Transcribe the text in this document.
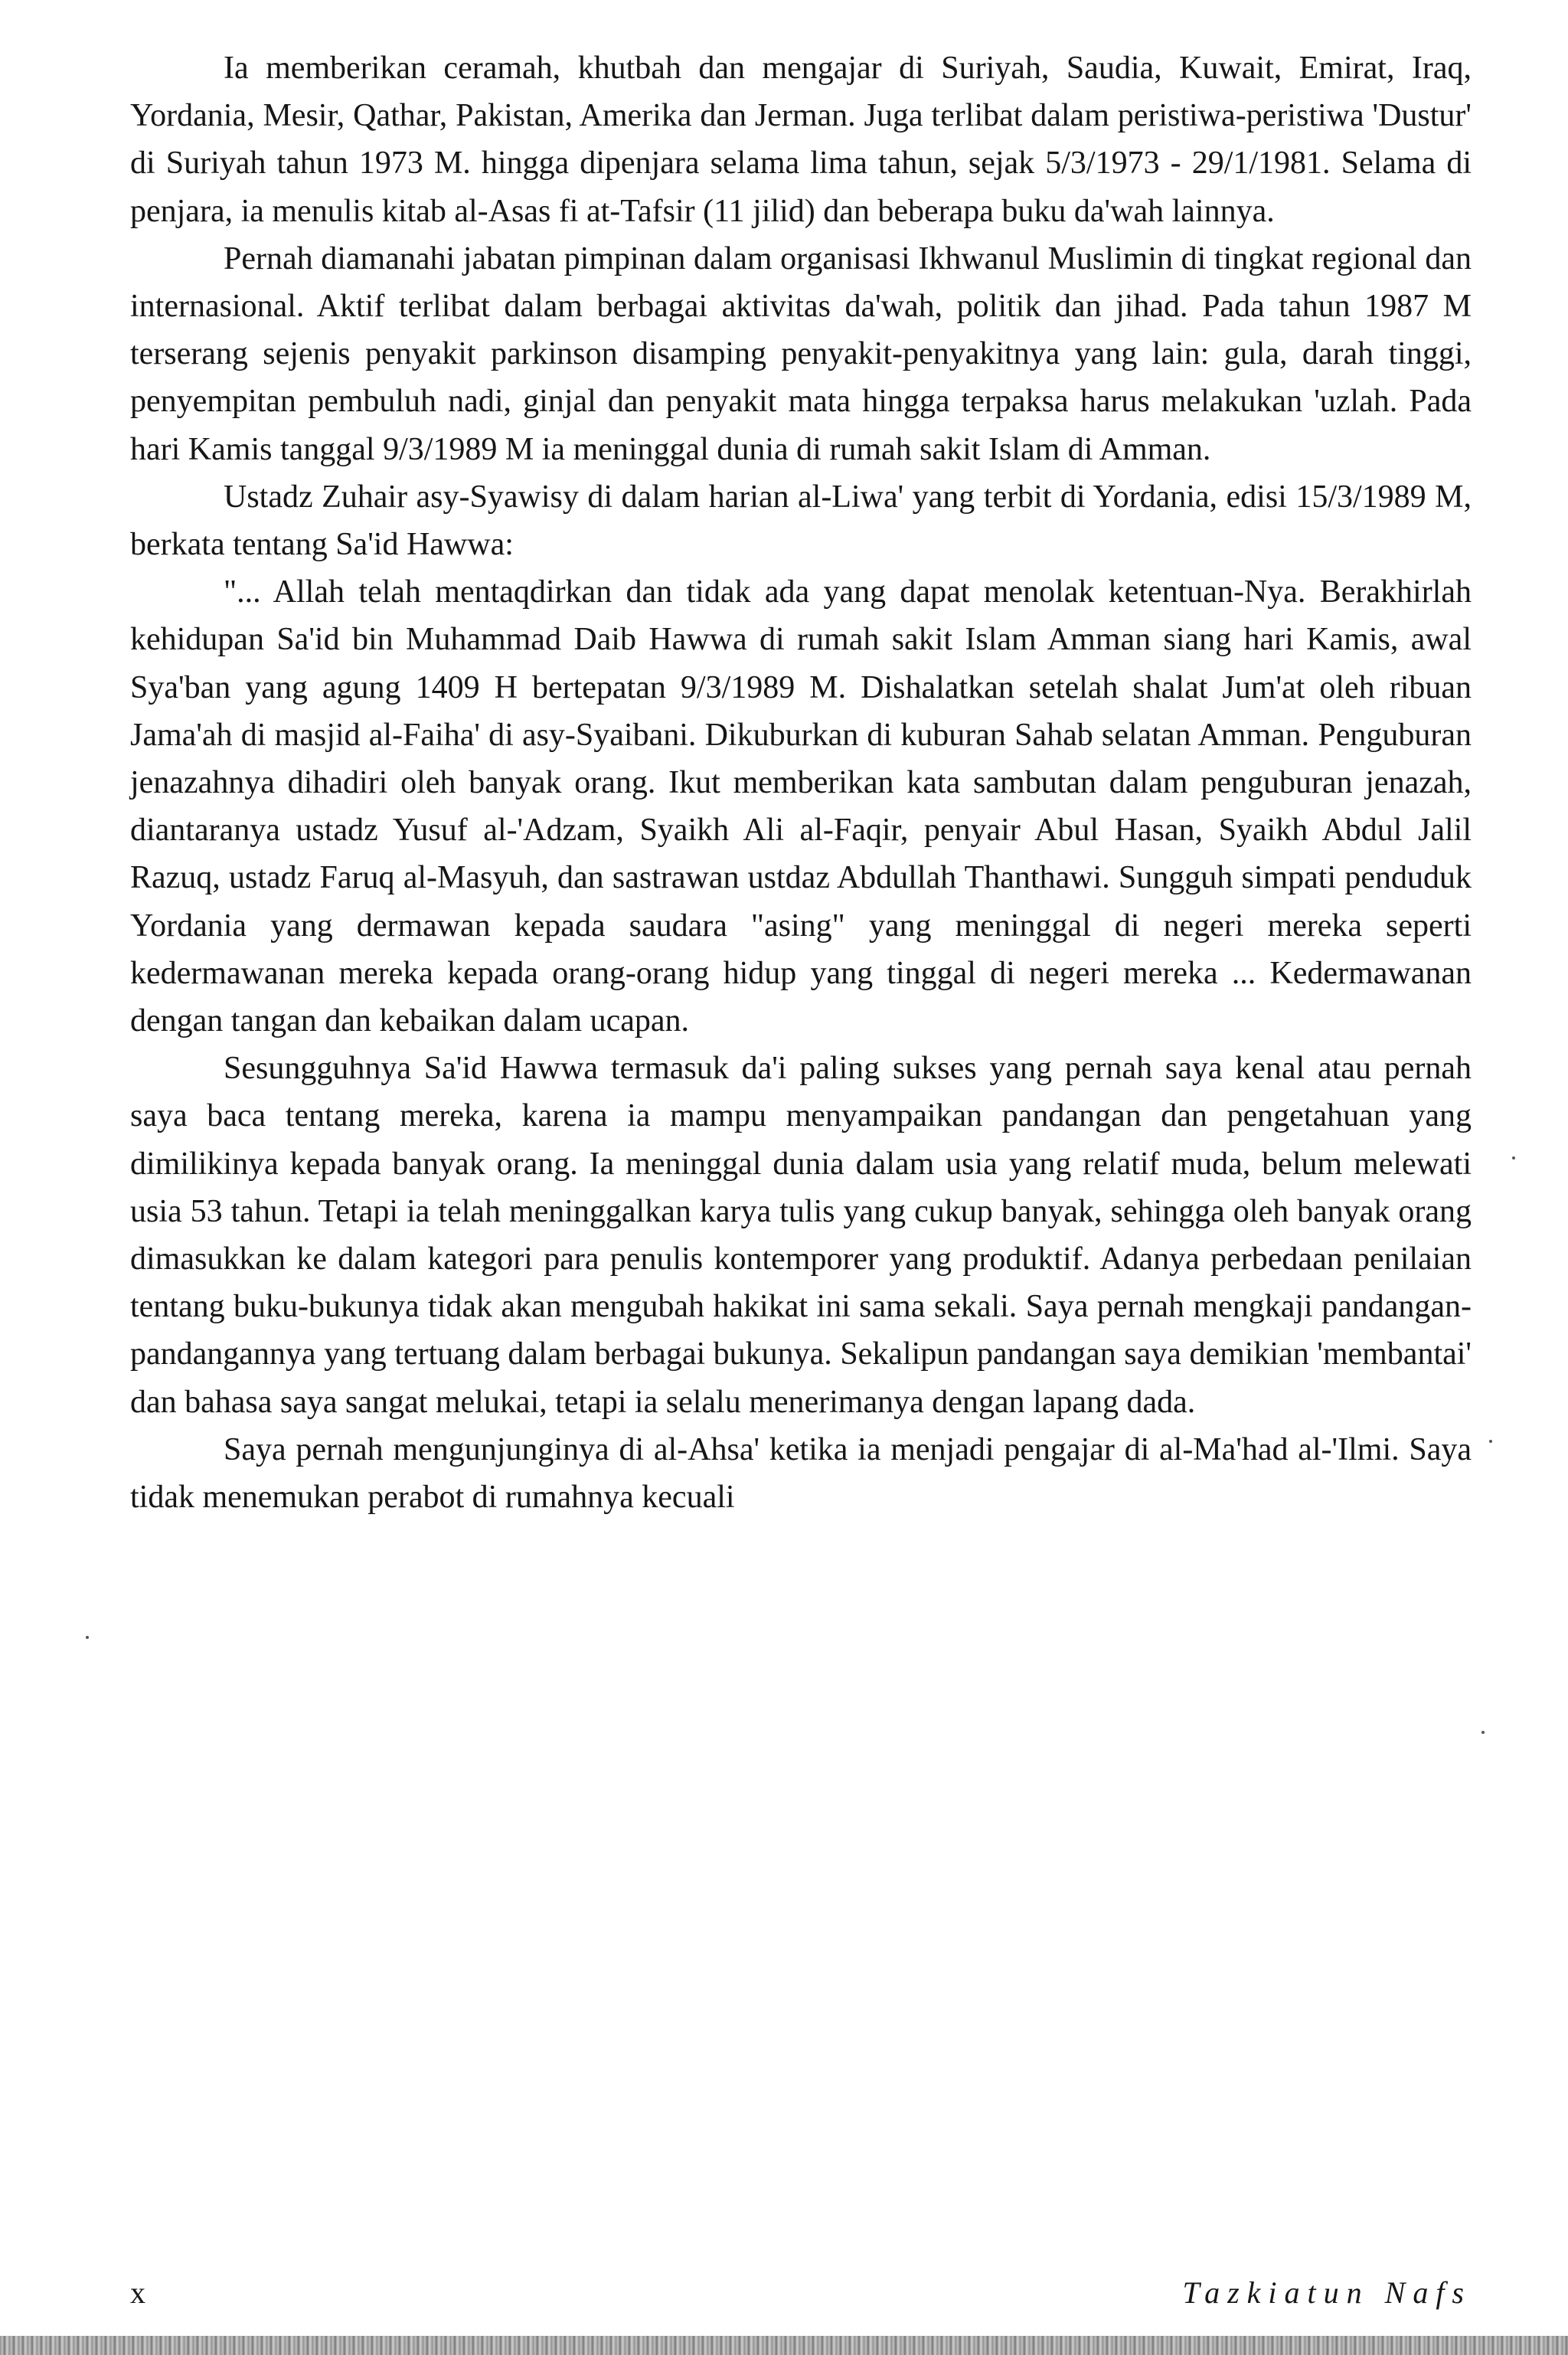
Ia memberikan ceramah, khutbah dan mengajar di Suriyah, Saudia, Kuwait, Emirat, Iraq, Yordania, Mesir, Qathar, Pakistan, Amerika dan Jerman. Juga terlibat dalam peristiwa-peristiwa 'Dustur' di Suriyah tahun 1973 M. hingga dipenjara selama lima tahun, sejak 5/3/1973 - 29/1/1981. Selama di penjara, ia menulis kitab al-Asas fi at-Tafsir (11 jilid) dan beberapa buku da'wah lainnya.

Pernah diamanahi jabatan pimpinan dalam organisasi Ikhwanul Muslimin di tingkat regional dan internasional. Aktif terlibat dalam berbagai aktivitas da'wah, politik dan jihad. Pada tahun 1987 M terserang sejenis penyakit parkinson disamping penyakit-penyakitnya yang lain: gula, darah tinggi, penyempitan pembuluh nadi, ginjal dan penyakit mata hingga terpaksa harus melakukan 'uzlah. Pada hari Kamis tanggal 9/3/1989 M ia meninggal dunia di rumah sakit Islam di Amman.

Ustadz Zuhair asy-Syawisy di dalam harian al-Liwa' yang terbit di Yordania, edisi 15/3/1989 M, berkata tentang Sa'id Hawwa:

"... Allah telah mentaqdirkan dan tidak ada yang dapat menolak ketentuan-Nya. Berakhirlah kehidupan Sa'id bin Muhammad Daib Hawwa di rumah sakit Islam Amman siang hari Kamis, awal Sya'ban yang agung 1409 H bertepatan 9/3/1989 M. Dishalatkan setelah shalat Jum'at oleh ribuan Jama'ah di masjid al-Faiha' di asy-Syaibani. Dikuburkan di kuburan Sahab selatan Amman. Penguburan jenazahnya dihadiri oleh banyak orang. Ikut memberikan kata sambutan dalam penguburan jenazah, diantaranya ustadz Yusuf al-'Adzam, Syaikh Ali al-Faqir, penyair Abul Hasan, Syaikh Abdul Jalil Razuq, ustadz Faruq al-Masyuh, dan sastrawan ustdaz Abdullah Thanthawi. Sungguh simpati penduduk Yordania yang dermawan kepada saudara "asing" yang meninggal di negeri mereka seperti kedermawanan mereka kepada orang-orang hidup yang tinggal di negeri mereka ... Kedermawanan dengan tangan dan kebaikan dalam ucapan.

Sesungguhnya Sa'id Hawwa termasuk da'i paling sukses yang pernah saya kenal atau pernah saya baca tentang mereka, karena ia mampu menyampaikan pandangan dan pengetahuan yang dimilikinya kepada banyak orang. Ia meninggal dunia dalam usia yang relatif muda, belum melewati usia 53 tahun. Tetapi ia telah meninggalkan karya tulis yang cukup banyak, sehingga oleh banyak orang dimasukkan ke dalam kategori para penulis kontemporer yang produktif. Adanya perbedaan penilaian tentang buku-bukunya tidak akan mengubah hakikat ini sama sekali. Saya pernah mengkaji pandangan-pandangannya yang tertuang dalam berbagai bukunya. Sekalipun pandangan saya demikian 'membantai' dan bahasa saya sangat melukai, tetapi ia selalu menerimanya dengan lapang dada.

Saya pernah mengunjunginya di al-Ahsa' ketika ia menjadi pengajar di al-Ma'had al-'Ilmi. Saya tidak menemukan perabot di rumahnya kecuali

x	Tazkiatun Nafs
